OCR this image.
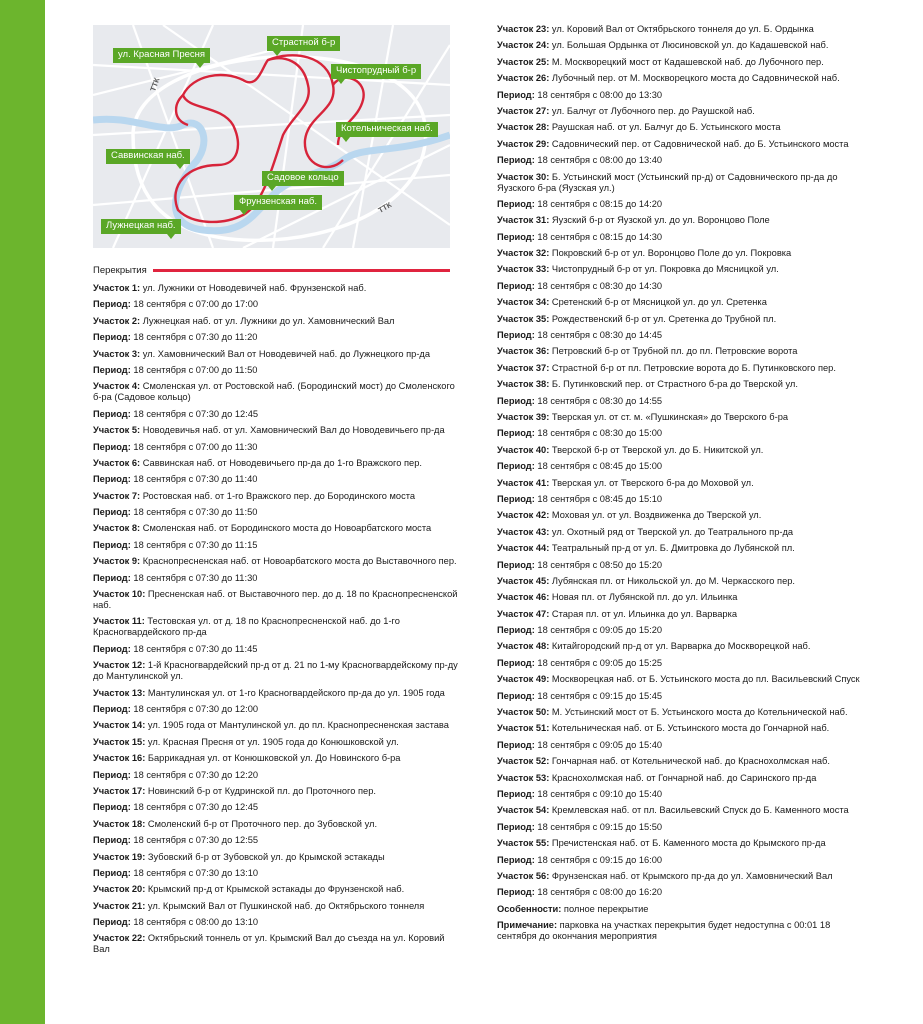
ул. Красная Пресня
Страстной б-р
Чистопрудный б-р
Котельническая наб.
Саввинская наб.
Садовое кольцо
Фрунзенская наб.
Лужнецкая наб.
ТТК
ТТК
Перекрытия

Участок 1: ул. Лужники от Новодевичей наб. Фрунзенской наб.

Период: 18 сентября с 07:00 до 17:00

Участок 2: Лужнецкая наб. от ул. Лужники до ул. Хамовнический Вал

Период: 18 сентября с 07:30 до 11:20

Участок 3: ул. Хамовнический Вал от Новодевичей наб. до Лужнецкого пр-да

Период: 18 сентября с 07:00 до 11:50

Участок 4: Смоленская ул. от Ростовской наб. (Бородинский мост) до Смоленского б-ра (Садовое кольцо)

Период: 18 сентября с 07:30 до 12:45

Участок 5: Новодевичья наб. от ул. Хамовнический Вал до Новодевичьего пр-да

Период: 18 сентября с 07:00 до 11:30

Участок 6: Саввинская наб. от Новодевичьего пр-да до 1-го Вражского пер.

Период: 18 сентября с 07:30 до 11:40

Участок 7: Ростовская наб. от 1-го Вражского пер. до Бородинского моста

Период: 18 сентября с 07:30 до 11:50

Участок 8: Смоленская наб. от Бородинского моста до Новоарбатского моста

Период: 18 сентября с 07:30 до 11:15

Участок 9: Краснопресненская наб. от Новоарбатского моста до Выставочного пер.

Период: 18 сентября с 07:30 до 11:30

Участок 10: Пресненская наб. от Выставочного пер. до д. 18 по Краснопресненской наб.

Участок 11: Тестовская ул. от д. 18 по Краснопресненской наб. до 1-го Красногвардейского пр-да

Период: 18 сентября с 07:30 до 11:45

Участок 12: 1-й Красногвардейский пр-д от д. 21 по 1-му Красногвардейскому пр-ду до Мантулинской ул.

Участок 13: Мантулинская ул. от 1-го Красногвардейского пр-да до ул. 1905 года

Период: 18 сентября с 07:30 до 12:00

Участок 14: ул. 1905 года от Мантулинской ул. до пл. Краснопресненская застава

Участок 15: ул. Красная Пресня от ул. 1905 года до Конюшковской ул.

Участок 16: Баррикадная ул. от Конюшковской ул. До Новинского б-ра

Период: 18 сентября с 07:30 до 12:20

Участок 17: Новинский б-р от Кудринской пл. до Проточного пер.

Период: 18 сентября с 07:30 до 12:45

Участок 18: Смоленский б-р от Проточного пер. до Зубовской ул.

Период: 18 сентября с 07:30 до 12:55

Участок 19: Зубовский б-р от Зубовской ул. до Крымской эстакады

Период: 18 сентября с 07:30 до 13:10

Участок 20: Крымский пр-д от Крымской эстакады до Фрунзенской наб.

Участок 21: ул. Крымский Вал от Пушкинской наб. до Октябрьского тоннеля

Период: 18 сентября с 08:00 до 13:10

Участок 22: Октябрьский тоннель от ул. Крымский Вал до съезда на ул. Коровий Вал

Участок 23: ул. Коровий Вал от Октябрьского тоннеля до ул. Б. Ордынка

Участок 24: ул. Большая Ордынка от Люсиновской ул. до Кадашевской наб.

Участок 25: М. Москворецкий мост от Кадашевской наб. до Лубочного пер.

Участок 26: Лубочный пер. от М. Москворецкого моста до Садовнической наб.

Период: 18 сентября с 08:00 до 13:30

Участок 27: ул. Балчуг от Лубочного пер. до Раушской наб.

Участок 28: Раушская наб. от ул. Балчуг до Б. Устьинского моста

Участок 29: Садовнический пер. от Садовнической наб. до Б. Устьинского моста

Период: 18 сентября с 08:00 до 13:40

Участок 30: Б. Устьинский мост (Устьинский пр-д) от Садовнического пр-да до Яузского б-ра (Яузская ул.)

Период: 18 сентября с 08:15 до 14:20

Участок 31: Яузский б-р от Яузской ул. до ул. Воронцово Поле

Период: 18 сентября с 08:15 до 14:30

Участок 32: Покровский б-р от ул. Воронцово Поле до ул. Покровка

Участок 33: Чистопрудный б-р от ул. Покровка до Мясницкой ул.

Период: 18 сентября с 08:30 до 14:30

Участок 34: Сретенский б-р от Мясницкой ул. до ул. Сретенка

Участок 35: Рождественский б-р от ул. Сретенка до Трубной пл.

Период: 18 сентября с 08:30 до 14:45

Участок 36: Петровский б-р от Трубной пл. до пл. Петровские ворота

Участок 37: Страстной б-р от пл. Петровские ворота до Б. Путинковского пер.

Участок 38: Б. Путинковский пер. от Страстного б-ра до Тверской ул.

Период: 18 сентября с 08:30 до 14:55

Участок 39: Тверская ул. от ст. м. «Пушкинская» до Тверского б-ра

Период: 18 сентября с 08:30 до 15:00

Участок 40: Тверской б-р от Тверской ул. до Б. Никитской ул.

Период: 18 сентября с 08:45 до 15:00

Участок 41: Тверская ул. от Тверского б-ра до Моховой ул.

Период: 18 сентября с 08:45 до 15:10

Участок 42: Моховая ул. от ул. Воздвиженка до Тверской ул.

Участок 43: ул. Охотный ряд от Тверской ул. до Театрального пр-да

Участок 44: Театральный пр-д от ул. Б. Дмитровка до Лубянской пл.

Период: 18 сентября с 08:50 до 15:20

Участок 45: Лубянская пл. от Никольской ул. до М. Черкасского пер.

Участок 46: Новая пл. от Лубянской пл. до ул. Ильинка

Участок 47: Старая пл. от ул. Ильинка до ул. Варварка

Период: 18 сентября с 09:05 до 15:20

Участок 48: Китайгородский пр-д от ул. Варварка до Москворецкой наб.

Период: 18 сентября с 09:05 до 15:25

Участок 49: Москворецкая наб. от Б. Устьинского моста до пл. Васильевский Спуск

Период: 18 сентября с 09:15 до 15:45

Участок 50: М. Устьинский мост от Б. Устьинского моста до Котельнической наб.

Участок 51: Котельническая наб. от Б. Устьинского моста до Гончарной наб.

Период: 18 сентября с 09:05 до 15:40

Участок 52: Гончарная наб. от Котельнической наб. до Краснохолмская наб.

Участок 53: Краснохолмская наб. от Гончарной наб. до Саринского пр-да

Период: 18 сентября с 09:10 до 15:40

Участок 54: Кремлевская наб. от пл. Васильевский Спуск до Б. Каменного моста

Период: 18 сентября с 09:15 до 15:50

Участок 55: Пречистенская наб. от Б. Каменного моста до Крымского пр-да

Период: 18 сентября с 09:15 до 16:00

Участок 56: Фрунзенская наб. от Крымского пр-да до ул. Хамовнический Вал

Период: 18 сентября с 08:00 до 16:20

Особенности: полное перекрытие

Примечание: парковка на участках перекрытия будет недоступна с 00:01 18 сентября до окончания мероприятия
